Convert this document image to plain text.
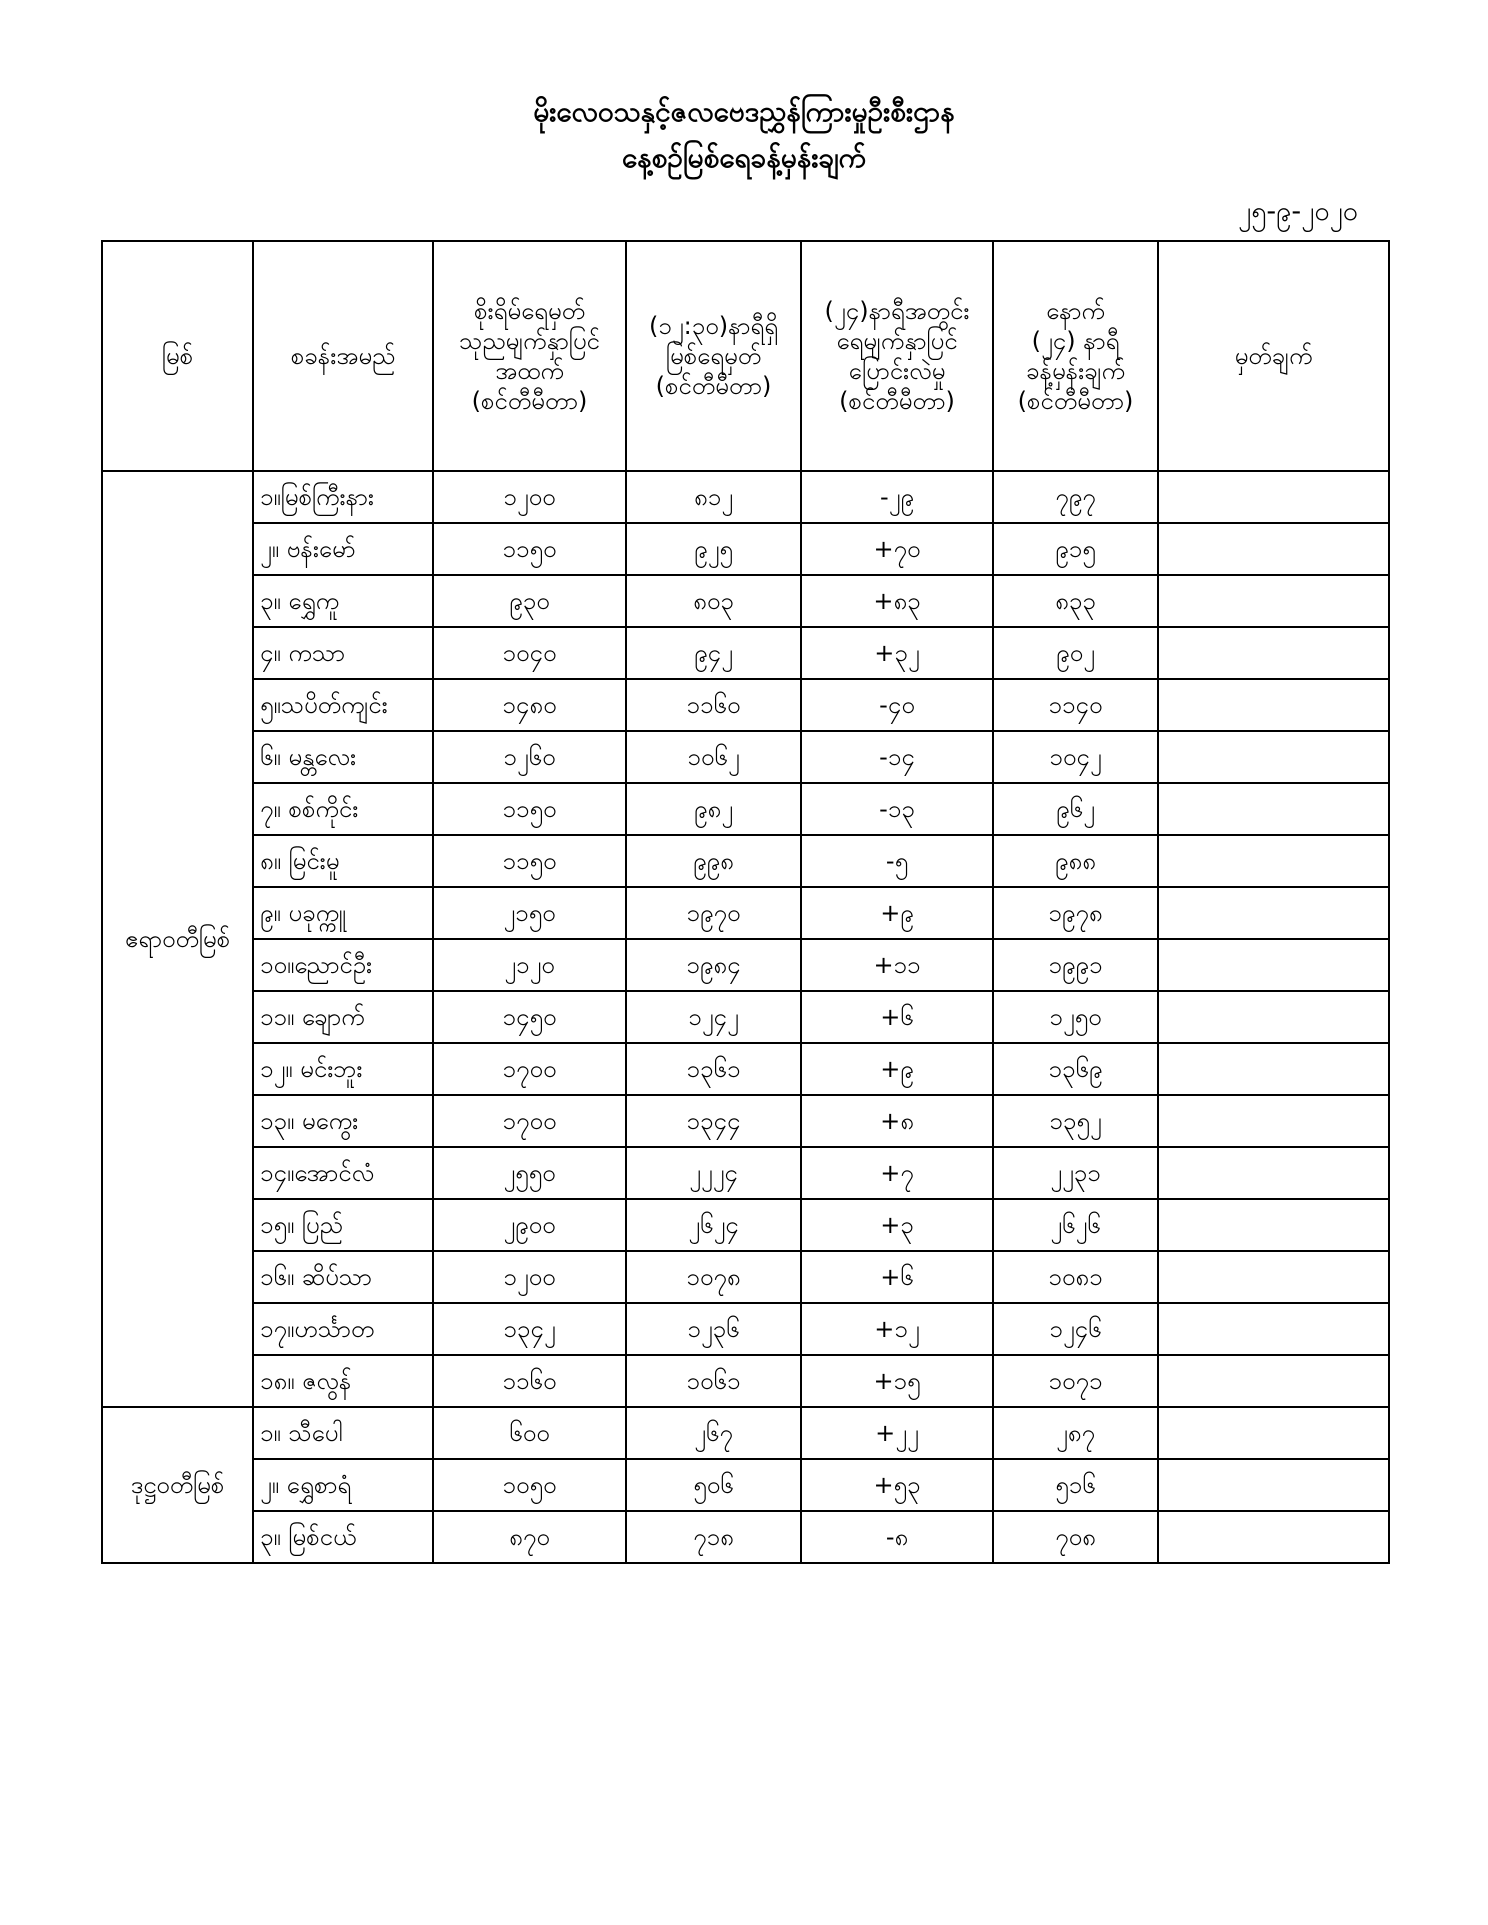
မိုးလေဝသနှင့်ဇလဗေဒညွှန်ကြားမှုဦးစီးဌာန
နေ့စဉ်မြစ်ရေခန့်မှန်းချက်
၂၅-၉-၂၀၂၀
မြစ်	စခန်းအမည်	စိုးရိမ်ရေမှတ်
သုညမျက်နှာပြင်
အထက်
(စင်တီမီတာ)	(၁၂:၃၀)နာရီရှိ
မြစ်ရေမှတ်
(စင်တီမီတာ)	(၂၄)နာရီအတွင်း
ရေမျက်နှာပြင်
ပြောင်းလဲမှု
(စင်တီမီတာ)	နောက်
(၂၄) နာရီ
ခန့်မှန်းချက်
(စင်တီမီတာ)	မှတ်ချက်

ဧရာဝတီမြစ်	၁။မြစ်ကြီးနား	၁၂၀၀	၈၁၂	-၂၉	၇၉၇	
	၂။ ဗန်းမော်	၁၁၅၀	၉၂၅	+၇၀	၉၁၅	
	၃။ ရွှေကူ	၉၃၀	၈၀၃	+၈၃	၈၃၃	
	၄။ ကသာ	၁၀၄၀	၉၄၂	+၃၂	၉၀၂	
	၅။သပိတ်ကျင်း	၁၄၈၀	၁၁၆၀	-၄၀	၁၁၄၀	
	၆။ မန္တလေး	၁၂၆၀	၁၀၆၂	-၁၄	၁၀၄၂	
	၇။ စစ်ကိုင်း	၁၁၅၀	၉၈၂	-၁၃	၉၆၂	
	၈။ မြင်းမူ	၁၁၅၀	၉၉၈	-၅	၉၈၈	
	၉။ ပခုက္ကူ	၂၁၅၀	၁၉၇၀	+၉	၁၉၇၈	
	၁၀။ညောင်ဦး	၂၁၂၀	၁၉၈၄	+၁၁	၁၉၉၁	
	၁၁။ ချောက်	၁၄၅၀	၁၂၄၂	+၆	၁၂၅၀	
	၁၂။ မင်းဘူး	၁၇၀၀	၁၃၆၁	+၉	၁၃၆၉	
	၁၃။ မကွေး	၁၇၀၀	၁၃၄၄	+၈	၁၃၅၂	
	၁၄။အောင်လံ	၂၅၅၀	၂၂၂၄	+၇	၂၂၃၁	
	၁၅။ ပြည်	၂၉၀၀	၂၆၂၄	+၃	၂၆၂၆	
	၁၆။ ဆိပ်သာ	၁၂၀၀	၁၀၇၈	+၆	၁၀၈၁	
	၁၇။ဟင်္သာတ	၁၃၄၂	၁၂၃၆	+၁၂	၁၂၄၆	
	၁၈။ ဇလွန်	၁၁၆၀	၁၀၆၁	+၁၅	၁၀၇၁	
ဒုဋ္ဌဝတီမြစ်	၁။ သီပေါ	၆၀၀	၂၆၇	+၂၂	၂၈၇	
	၂။ ရွှေစာရံ	၁၀၅၀	၅၀၆	+၅၃	၅၁၆	
	၃။ မြစ်ငယ်	၈၇၀	၇၁၈	-၈	၇၀၈	
